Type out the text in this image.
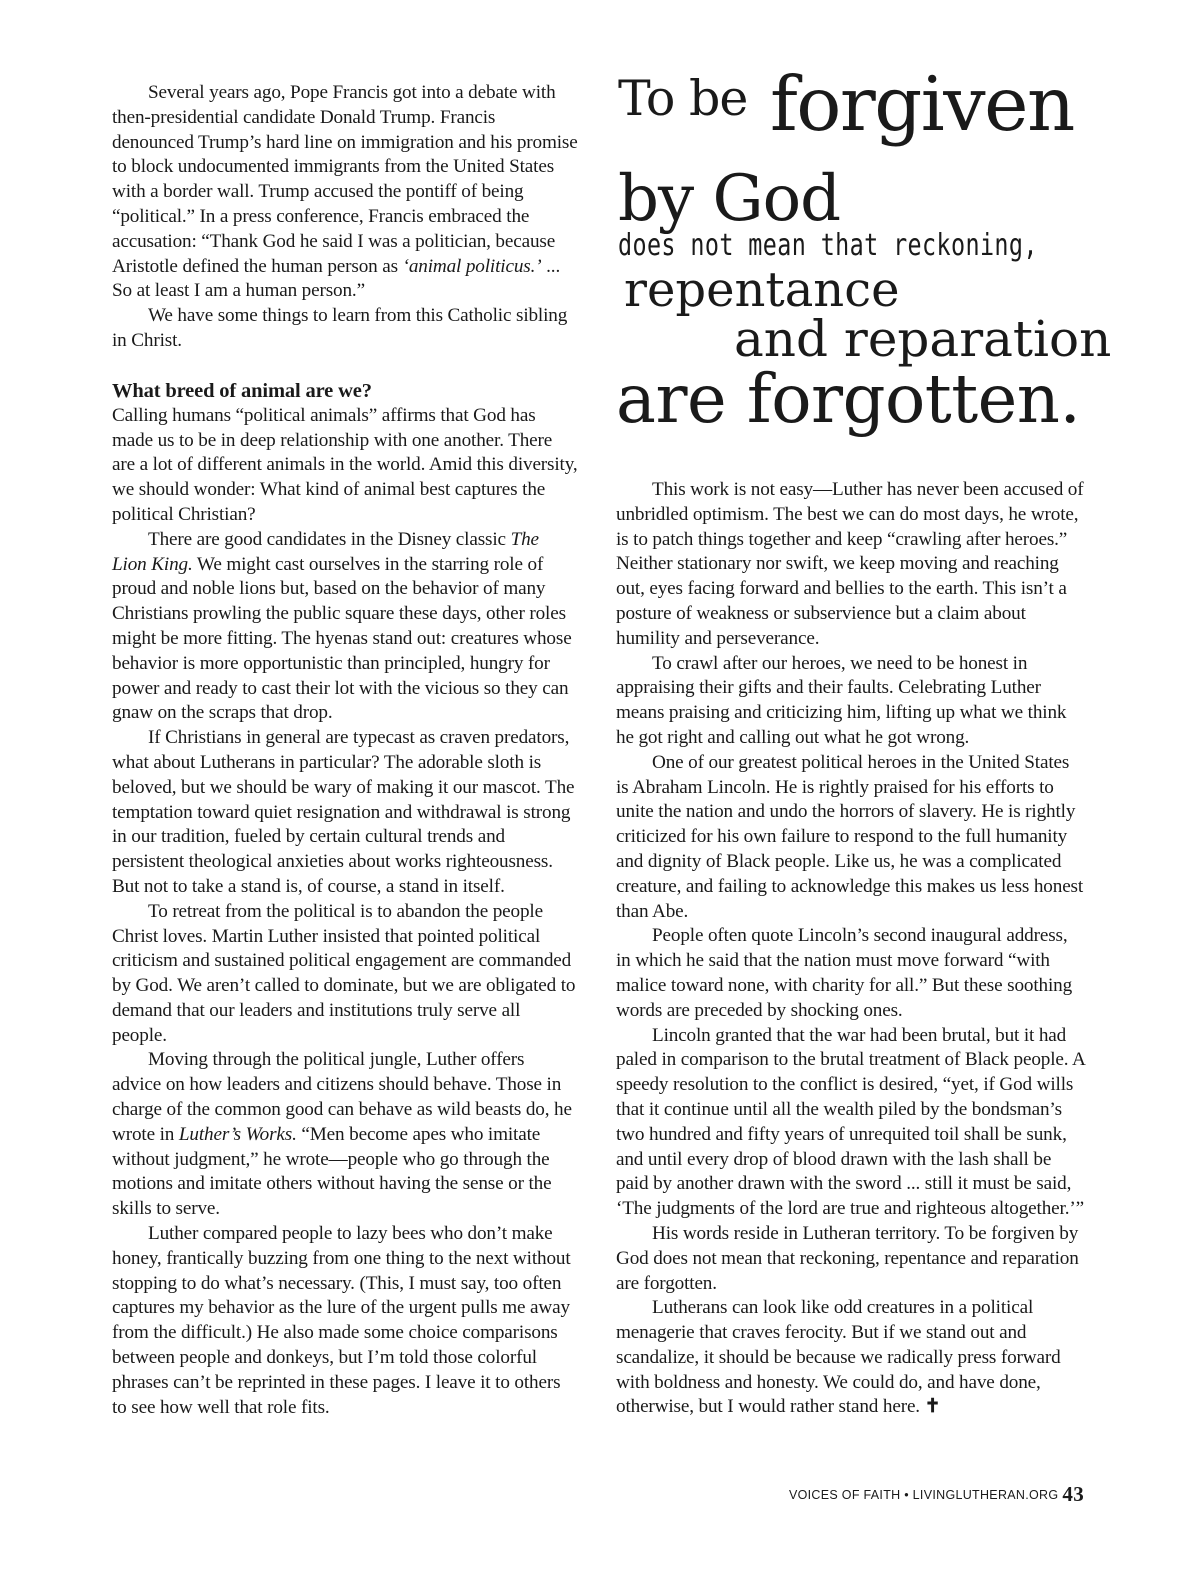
Several years ago, Pope Francis got into a debate with then-presidential candidate Donald Trump. Francis denounced Trump’s hard line on immigration and his promise to block undocumented immigrants from the United States with a border wall. Trump accused the pontiff of being “political.” In a press conference, Francis embraced the accusation: “Thank God he said I was a politician, because Aristotle defined the human person as ‘animal politicus.’ ... So at least I am a human person.”

We have some things to learn from this Catholic sibling in Christ.

What breed of animal are we?

Calling humans “political animals” affirms that God has made us to be in deep relationship with one another. There are a lot of different animals in the world. Amid this diversity, we should wonder: What kind of animal best captures the political Christian?

There are good candidates in the Disney classic The Lion King. We might cast ourselves in the starring role of proud and noble lions but, based on the behavior of many Christians prowling the public square these days, other roles might be more fitting. The hyenas stand out: creatures whose behavior is more opportunistic than principled, hungry for power and ready to cast their lot with the vicious so they can gnaw on the scraps that drop.

If Christians in general are typecast as craven predators, what about Lutherans in particular? The adorable sloth is beloved, but we should be wary of making it our mascot. The temptation toward quiet resignation and withdrawal is strong in our tradition, fueled by certain cultural trends and persistent theological anxieties about works righteousness. But not to take a stand is, of course, a stand in itself.

To retreat from the political is to abandon the people Christ loves. Martin Luther insisted that pointed political criticism and sustained political engagement are commanded by God. We aren’t called to dominate, but we are obligated to demand that our leaders and institutions truly serve all people.

Moving through the political jungle, Luther offers advice on how leaders and citizens should behave. Those in charge of the common good can behave as wild beasts do, he wrote in Luther’s Works. “Men become apes who imitate without judgment,” he wrote—people who go through the motions and imitate others without having the sense or the skills to serve.

Luther compared people to lazy bees who don’t make honey, frantically buzzing from one thing to the next without stopping to do what’s necessary. (This, I must say, too often captures my behavior as the lure of the urgent pulls me away from the difficult.) He also made some choice comparisons between people and donkeys, but I’m told those colorful phrases can’t be reprinted in these pages. I leave it to others to see how well that role fits.

To be forgiven
by God
does not mean that reckoning,
repentance
and reparation
are forgotten.

This work is not easy—Luther has never been accused of unbridled optimism. The best we can do most days, he wrote, is to patch things together and keep “crawling after heroes.” Neither stationary nor swift, we keep moving and reaching out, eyes facing forward and bellies to the earth. This isn’t a posture of weakness or subservience but a claim about humility and perseverance.

To crawl after our heroes, we need to be honest in appraising their gifts and their faults. Celebrating Luther means praising and criticizing him, lifting up what we think he got right and calling out what he got wrong.

One of our greatest political heroes in the United States is Abraham Lincoln. He is rightly praised for his efforts to unite the nation and undo the horrors of slavery. He is rightly criticized for his own failure to respond to the full humanity and dignity of Black people. Like us, he was a complicated creature, and failing to acknowledge this makes us less honest than Abe.

People often quote Lincoln’s second inaugural address, in which he said that the nation must move forward “with malice toward none, with charity for all.” But these soothing words are preceded by shocking ones.

Lincoln granted that the war had been brutal, but it had paled in comparison to the brutal treatment of Black people. A speedy resolution to the conflict is desired, “yet, if God wills that it continue until all the wealth piled by the bondsman’s two hundred and fifty years of unrequited toil shall be sunk, and until every drop of blood drawn with the lash shall be paid by another drawn with the sword ... still it must be said, ‘The judgments of the lord are true and righteous altogether.’”

His words reside in Lutheran territory. To be forgiven by God does not mean that reckoning, repentance and reparation are forgotten.

Lutherans can look like odd creatures in a political menagerie that craves ferocity. But if we stand out and scandalize, it should be because we radically press forward with boldness and honesty. We could do, and have done, otherwise, but I would rather stand here. ✝

VOICES OF FAITH • LIVINGLUTHERAN.ORG 43
